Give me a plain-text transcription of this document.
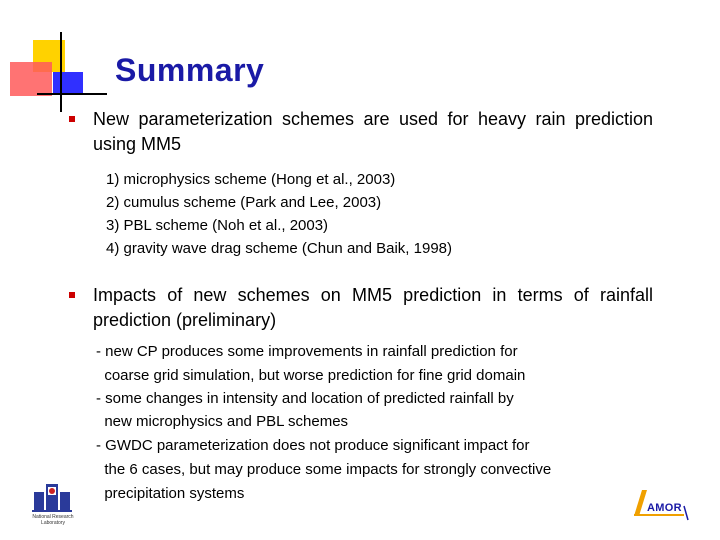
Summary
New parameterization schemes are used for heavy rain prediction using MM5
1) microphysics scheme (Hong et al., 2003)
2) cumulus scheme (Park and Lee, 2003)
3) PBL scheme (Noh et al., 2003)
4) gravity wave drag scheme (Chun and Baik, 1998)
Impacts of new schemes on MM5 prediction in terms of rainfall prediction (preliminary)
- new CP produces some improvements in rainfall prediction for
coarse grid simulation, but worse prediction for fine grid domain
- some changes in intensity and location of predicted rainfall by
new microphysics and PBL schemes
- GWDC parameterization does not produce significant impact for
the 6 cases, but may produce some impacts for strongly convective
precipitation systems
National Research
Laboratory
AMOR
